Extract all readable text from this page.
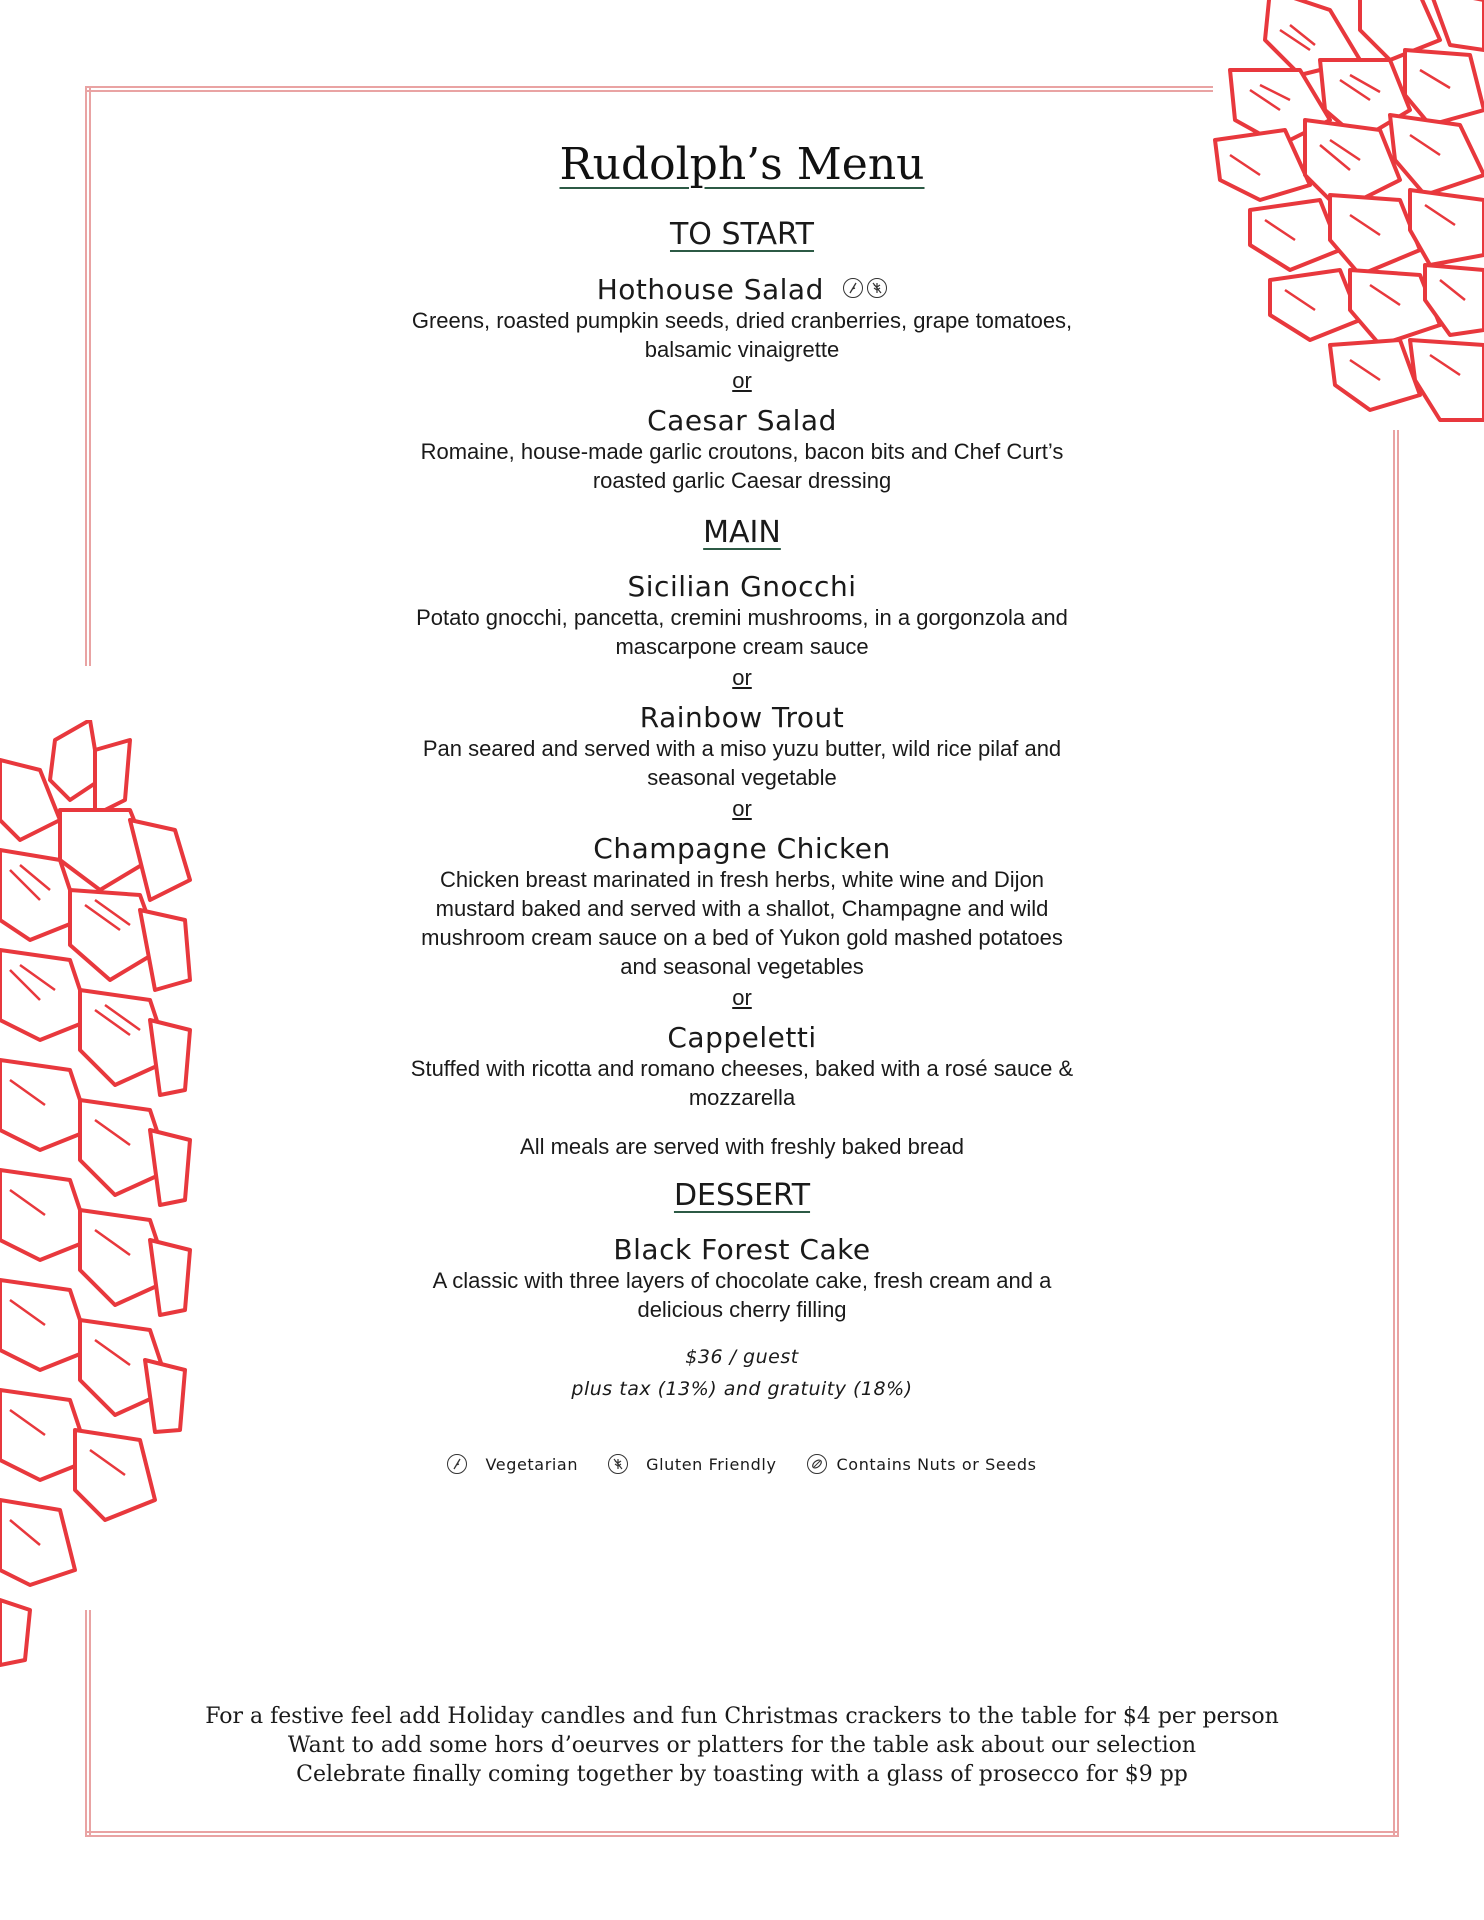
Rudolph’s Menu
TO START
Hothouse Salad
Greens, roasted pumpkin seeds, dried cranberries, grape tomatoes,
balsamic vinaigrette
or
Caesar Salad
Romaine, house-made garlic croutons, bacon bits and Chef Curt’s
roasted garlic Caesar dressing
MAIN
Sicilian Gnocchi
Potato gnocchi, pancetta, cremini mushrooms, in a gorgonzola and
mascarpone cream sauce
or
Rainbow Trout
Pan seared and served with a miso yuzu butter, wild rice pilaf and
seasonal vegetable
or
Champagne Chicken
Chicken breast marinated in fresh herbs, white wine and Dijon
mustard baked and served with a shallot, Champagne and wild
mushroom cream sauce on a bed of Yukon gold mashed potatoes
and seasonal vegetables
or
Cappeletti
Stuffed with ricotta and romano cheeses, baked with a rosé sauce &
mozzarella
All meals are served with freshly baked bread
DESSERT
Black Forest Cake
A classic with three layers of chocolate cake, fresh cream and a
delicious cherry filling
$36 / guest
plus tax (13%) and gratuity (18%)
Vegetarian	Gluten Friendly	Contains Nuts or Seeds
For a festive feel add Holiday candles and fun Christmas crackers to the table for $4 per person
Want to add some hors d’oeurves or platters for the table ask about our selection
Celebrate finally coming together by toasting with a glass of prosecco for $9 pp
